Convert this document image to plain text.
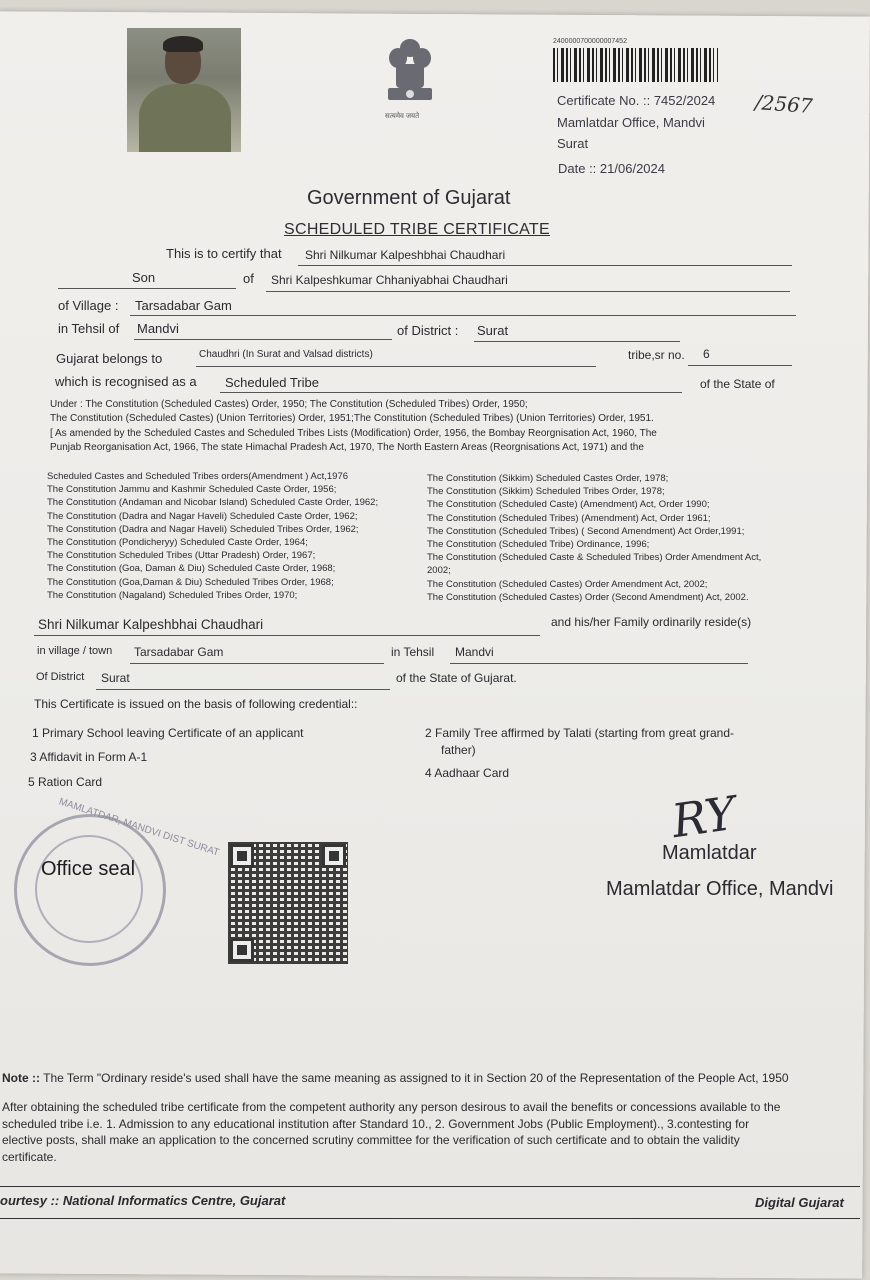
सत्यमेव जयते
2400000700000007452
Certificate No. :: 7452/2024 /2567
Mamlatdar Office, Mandvi
Surat
Date :: 21/06/2024
Government of Gujarat
SCHEDULED TRIBE CERTIFICATE
This is to certify that Shri Nilkumar Kalpeshbhai Chaudhari
Son	of Shri Kalpeshkumar Chhaniyabhai Chaudhari
of Village : Tarsadabar Gam
in Tehsil of Mandvi	of District : Surat
Gujarat belongs to	Chaudhri (In Surat and Valsad districts)	tribe,sr no. 6
which is recognised as a Scheduled Tribe	of the State of
Under : The Constitution (Scheduled Castes) Order, 1950; The Constitution (Scheduled Tribes) Order, 1950;
The Constitution (Scheduled Castes) (Union Territories) Order, 1951;The Constitution (Scheduled Tribes) (Union Territories) Order, 1951.
[ As amended by the Scheduled Castes and Scheduled Tribes Lists (Modification) Order, 1956, the Bombay Reorgnisation Act, 1960, The
Punjab Reorganisation Act, 1966, The state Himachal Pradesh Act, 1970, The North Eastern Areas (Reorgnisations Act, 1971) and the
Scheduled Castes and Scheduled Tribes orders(Amendment ) Act,1976
The Constitution Jammu and Kashmir Scheduled Caste Order, 1956;
The Constitution (Andaman and Nicobar Island) Scheduled Caste Order, 1962;
The Constitution (Dadra and Nagar Haveli) Scheduled Caste Order, 1962;
The Constitution (Dadra and Nagar Haveli) Scheduled Tribes Order, 1962;
The Constitution (Pondicheryy) Scheduled Caste Order, 1964;
The Constitution Scheduled Tribes (Uttar Pradesh) Order, 1967;
The Constitution (Goa, Daman & Diu) Scheduled Caste Order, 1968;
The Constitution (Goa,Daman & Diu) Scheduled Tribes Order, 1968;
The Constitution (Nagaland) Scheduled Tribes Order, 1970;
The Constitution (Sikkim) Scheduled Castes Order, 1978;
The Constitution (Sikkim) Scheduled Tribes Order, 1978;
The Constitution (Scheduled Caste) (Amendment) Act, Order 1990;
The Constitution (Scheduled Tribes) (Amendment) Act, Order 1961;
The Constitution (Scheduled Tribes) ( Second Amendment) Act Order,1991;
The Constitution (Scheduled Tribe) Ordinance, 1996;
The Constitution (Scheduled Caste & Scheduled Tribes) Order Amendment Act,
2002;
The Constitution (Scheduled Castes) Order Amendment Act, 2002;
The Constitution (Scheduled Castes) Order (Second Amendment) Act, 2002.
Shri Nilkumar Kalpeshbhai Chaudhari	and his/her Family ordinarily reside(s)
in village / town Tarsadabar Gam	in Tehsil Mandvi
Of District Surat	of the State of Gujarat.
This Certificate is issued on the basis of following credential::
1 Primary School leaving Certificate of an applicant
3 Affidavit in Form A-1
5 Ration Card
2 Family Tree affirmed by Talati (starting from great grand-
father)
4 Aadhaar Card
MAMLATDAR, MANDVI DIST SURAT
Office seal
RY
Mamlatdar
Mamlatdar Office, Mandvi
Note :: The Term "Ordinary reside's used shall have the same meaning as assigned to it in Section 20 of the Representation of the People Act, 1950
After obtaining the scheduled tribe certificate from the competent authority any person desirous to avail the benefits or concessions available to the
scheduled tribe i.e. 1. Admission to any educational institution after Standard 10., 2. Government Jobs (Public Employment)., 3.contesting for
elective posts, shall make an application to the concerned scrutiny committee for the verification of such certificate and to obtain the validity
certificate.
ourtesy :: National Informatics Centre, Gujarat	Digital Gujarat
